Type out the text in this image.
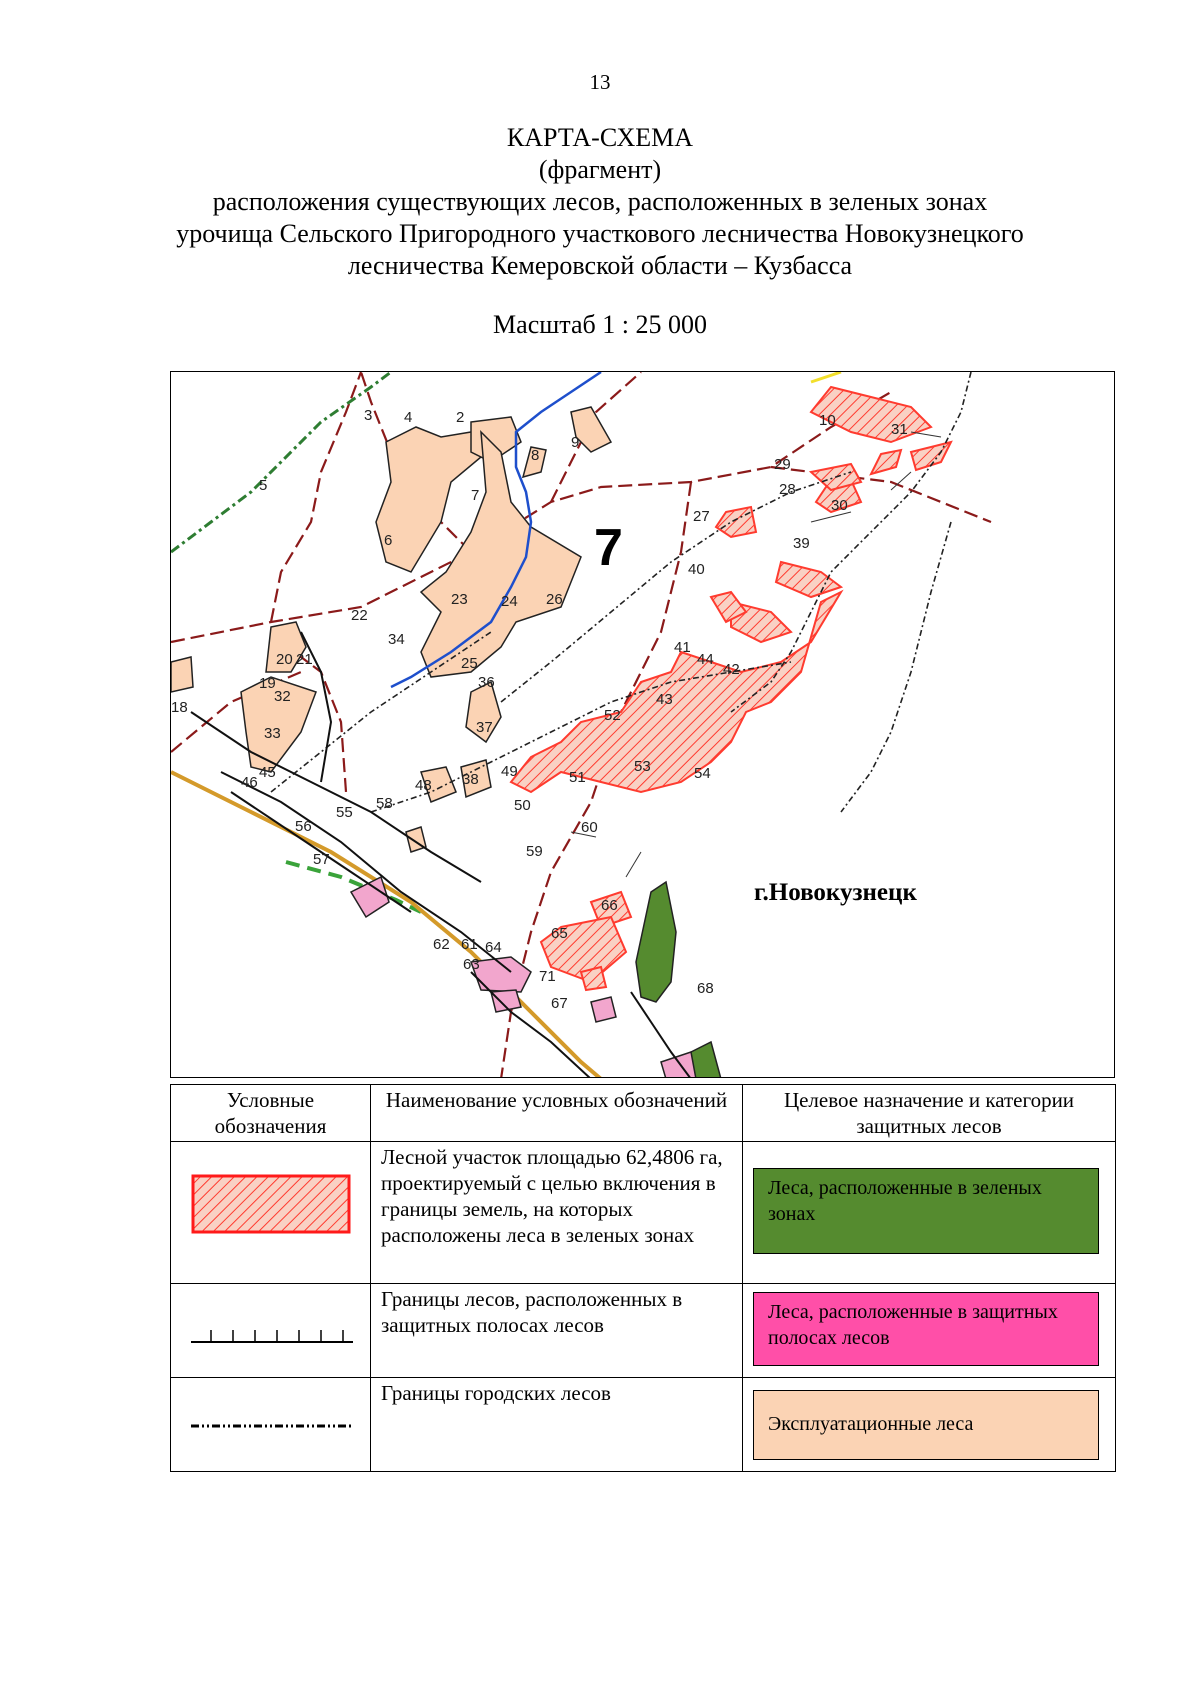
13
КАРТА-СХЕМА
(фрагмент)
расположения существующих лесов, расположенных в зеленых зонах
урочища Сельского Пригородного участкового лесничества Новокузнецкого
лесничества Кемеровской области – Кузбасса
Масштаб 1 : 25 000
2
3 4
5
6
7
8
9
10
18
19
20 21
22
23 24
25
26
27
28
29
30
31
32
33
34
36
37
38
39
40
41
42
43
44
45
46	48
49
50
51
52
53	54
55
56
57
58
59
60
61
62
63
64
65
66
67
68
71
7
г.Новокузнецк
Условные обозначения	Наименование условных обозначений	Целевое назначение и категории защитных лесов

	Лесной участок площадью 62,4806 га, проектируемый с целью включения в границы земель, на которых расположены леса в зеленых зонах	Леса, расположенные в зеленых зонах

	Границы лесов, расположенных в защитных полосах лесов	Леса, расположенные в защитных полосах лесов

	Границы городских лесов	Эксплуатационные леса
